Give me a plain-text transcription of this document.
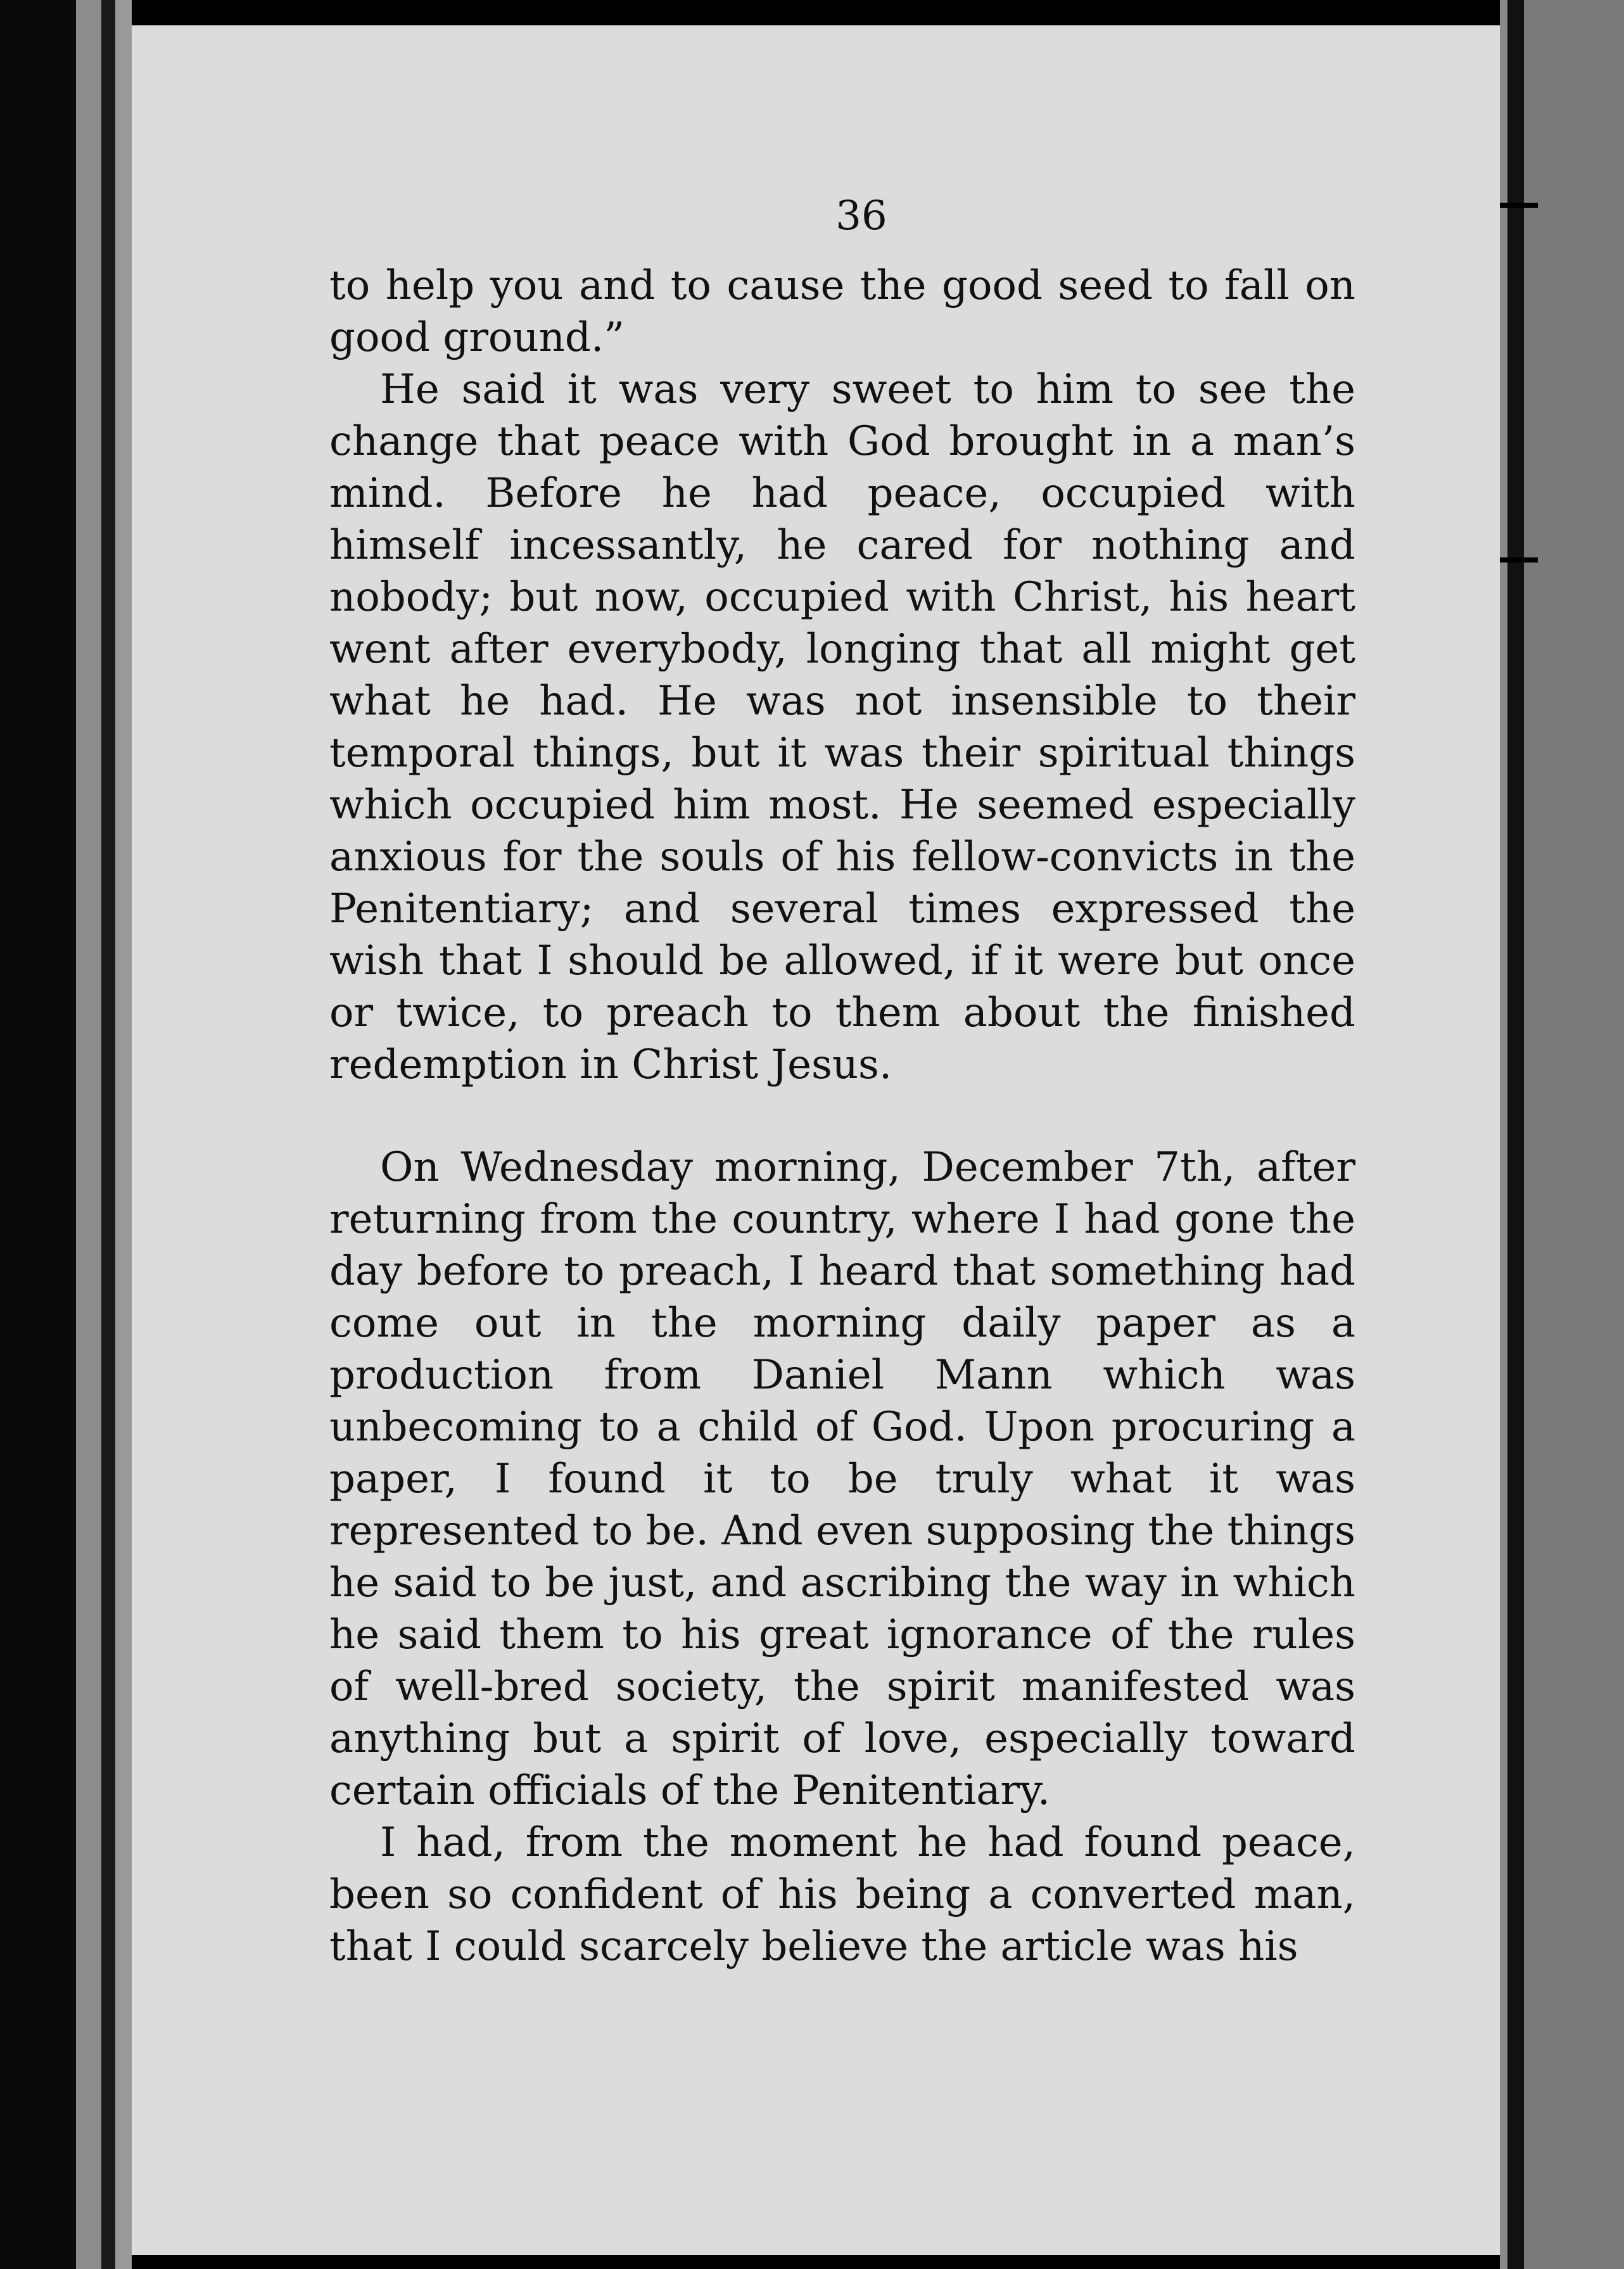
36

to help you and to cause the good seed to fall on good ground.”

He said it was very sweet to him to see the change that peace with God brought in a man’s mind. Before he had peace, occupied with himself incessantly, he cared for nothing and nobody; but now, occupied with Christ, his heart went after everybody, longing that all might get what he had. He was not insensible to their temporal things, but it was their spiritual things which occupied him most. He seemed especially anxious for the souls of his fellow-convicts in the Penitentiary; and several times expressed the wish that I should be allowed, if it were but once or twice, to preach to them about the finished redemption in Christ Jesus.

On Wednesday morning, December 7th, after returning from the country, where I had gone the day before to preach, I heard that something had come out in the morning daily paper as a production from Daniel Mann which was unbecoming to a child of God. Upon procuring a paper, I found it to be truly what it was represented to be. And even supposing the things he said to be just, and ascribing the way in which he said them to his great ignorance of the rules of well-bred society, the spirit manifested was anything but a spirit of love, especially toward certain officials of the Penitentiary.

I had, from the moment he had found peace, been so confident of his being a converted man, that I could scarcely believe the article was his
